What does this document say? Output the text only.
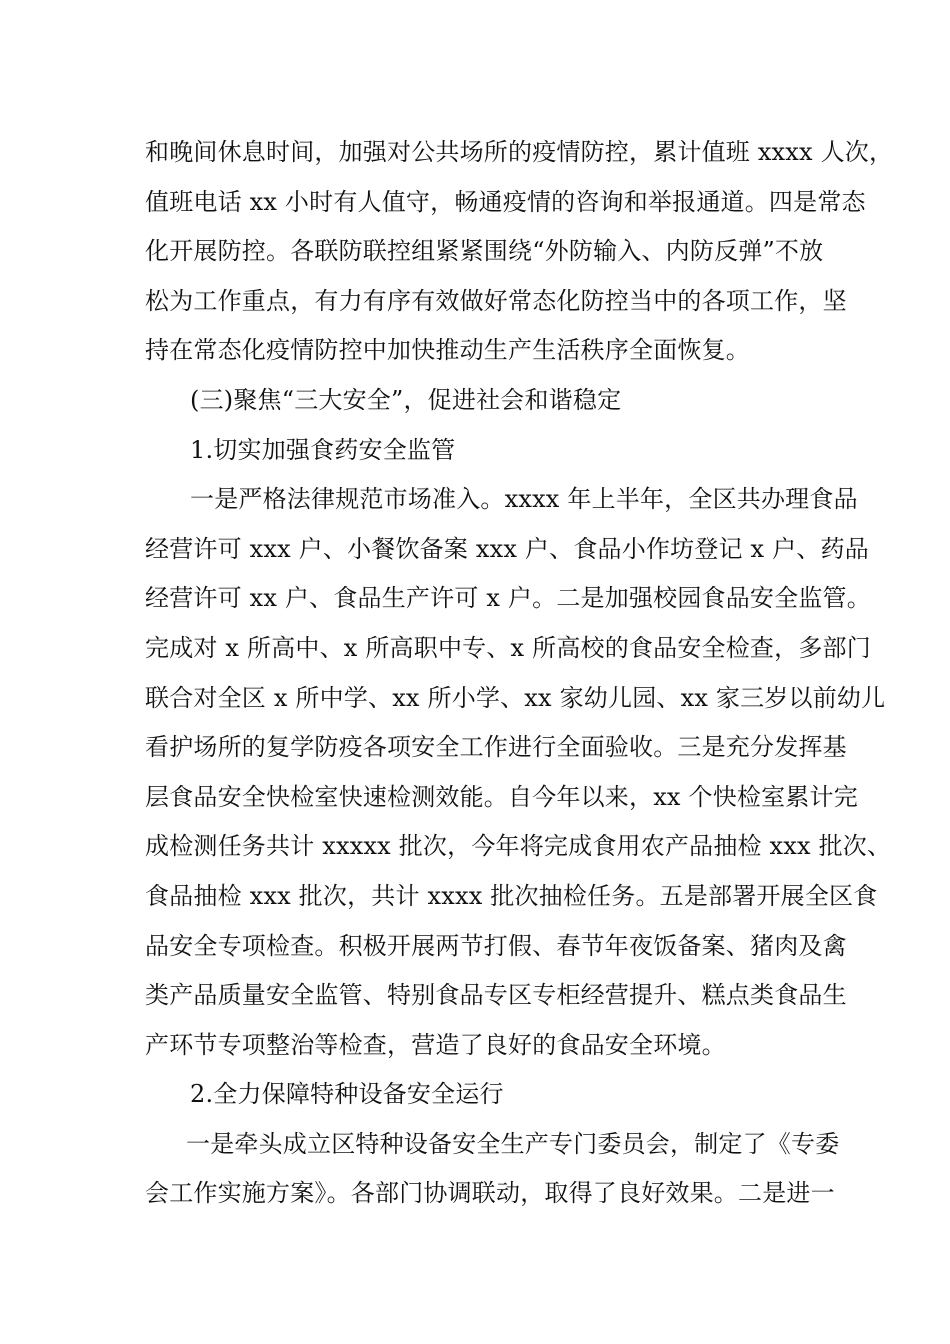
和晚间休息时间，加强对公共场所的疫情防控，累计值班 xxxx 人次，
值班电话 xx 小时有人值守，畅通疫情的咨询和举报通道。四是常态
化开展防控。各联防联控组紧紧围绕“外防输入、内防反弹”不放
松为工作重点，有力有序有效做好常态化防控当中的各项工作，坚
持在常态化疫情防控中加快推动生产生活秩序全面恢复。
(三)聚焦“三大安全”，促进社会和谐稳定
1.切实加强食药安全监管
一是严格法律规范市场准入。xxxx 年上半年，全区共办理食品
经营许可 xxx 户、小餐饮备案 xxx 户、食品小作坊登记 x 户、药品
经营许可 xx 户、食品生产许可 x 户。二是加强校园食品安全监管。
完成对 x 所高中、x 所高职中专、x 所高校的食品安全检查，多部门
联合对全区 x 所中学、xx 所小学、xx 家幼儿园、xx 家三岁以前幼儿
看护场所的复学防疫各项安全工作进行全面验收。三是充分发挥基
层食品安全快检室快速检测效能。自今年以来，xx 个快检室累计完
成检测任务共计 xxxxx 批次，今年将完成食用农产品抽检 xxx 批次、
食品抽检 xxx 批次，共计 xxxx 批次抽检任务。五是部署开展全区食
品安全专项检查。积极开展两节打假、春节年夜饭备案、猪肉及禽
类产品质量安全监管、特别食品专区专柜经营提升、糕点类食品生
产环节专项整治等检查，营造了良好的食品安全环境。
2.全力保障特种设备安全运行
一是牵头成立区特种设备安全生产专门委员会，制定了《专委
会工作实施方案》。各部门协调联动，取得了良好效果。二是进一
